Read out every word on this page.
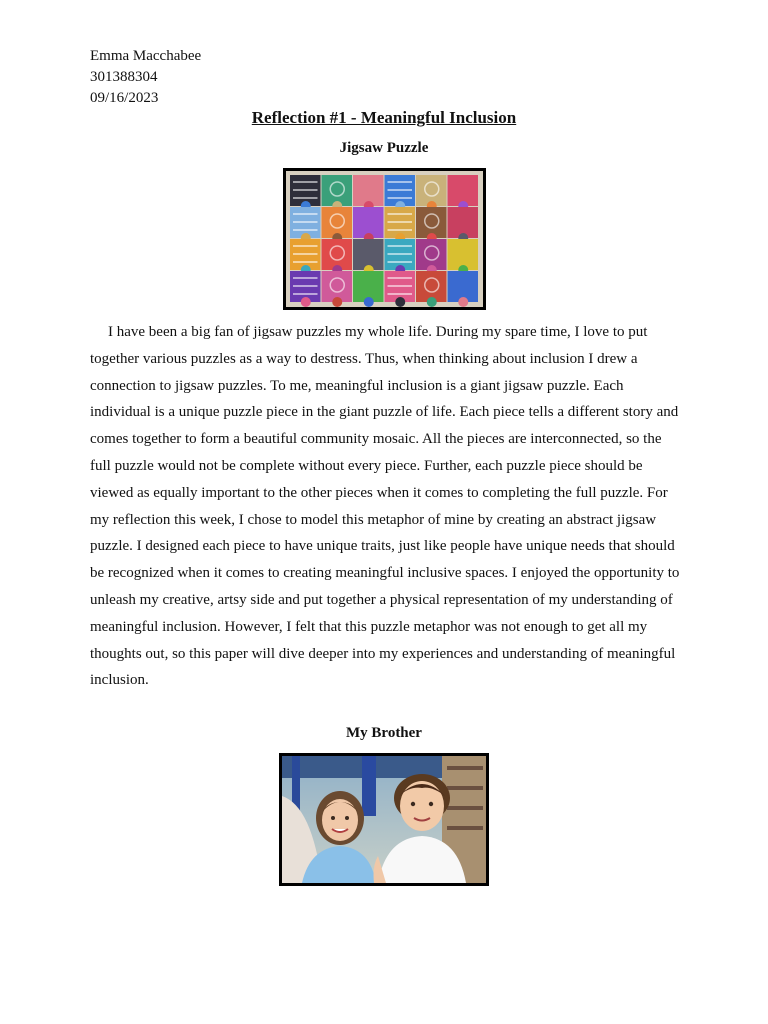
Emma Macchabee
301388304
09/16/2023
Reflection #1 - Meaningful Inclusion
Jigsaw Puzzle
I have been a big fan of jigsaw puzzles my whole life. During my spare time, I love to put together various puzzles as a way to destress. Thus, when thinking about inclusion I drew a connection to jigsaw puzzles. To me, meaningful inclusion is a giant jigsaw puzzle. Each individual is a unique puzzle piece in the giant puzzle of life. Each piece tells a different story and comes together to form a beautiful community mosaic. All the pieces are interconnected, so the full puzzle would not be complete without every piece. Further, each puzzle piece should be viewed as equally important to the other pieces when it comes to completing the full puzzle. For my reflection this week, I chose to model this metaphor of mine by creating an abstract jigsaw puzzle. I designed each piece to have unique traits, just like people have unique needs that should be recognized when it comes to creating meaningful inclusive spaces. I enjoyed the opportunity to unleash my creative, artsy side and put together a physical representation of my understanding of meaningful inclusion. However, I felt that this puzzle metaphor was not enough to get all my thoughts out, so this paper will dive deeper into my experiences and understanding of meaningful inclusion.
My Brother
